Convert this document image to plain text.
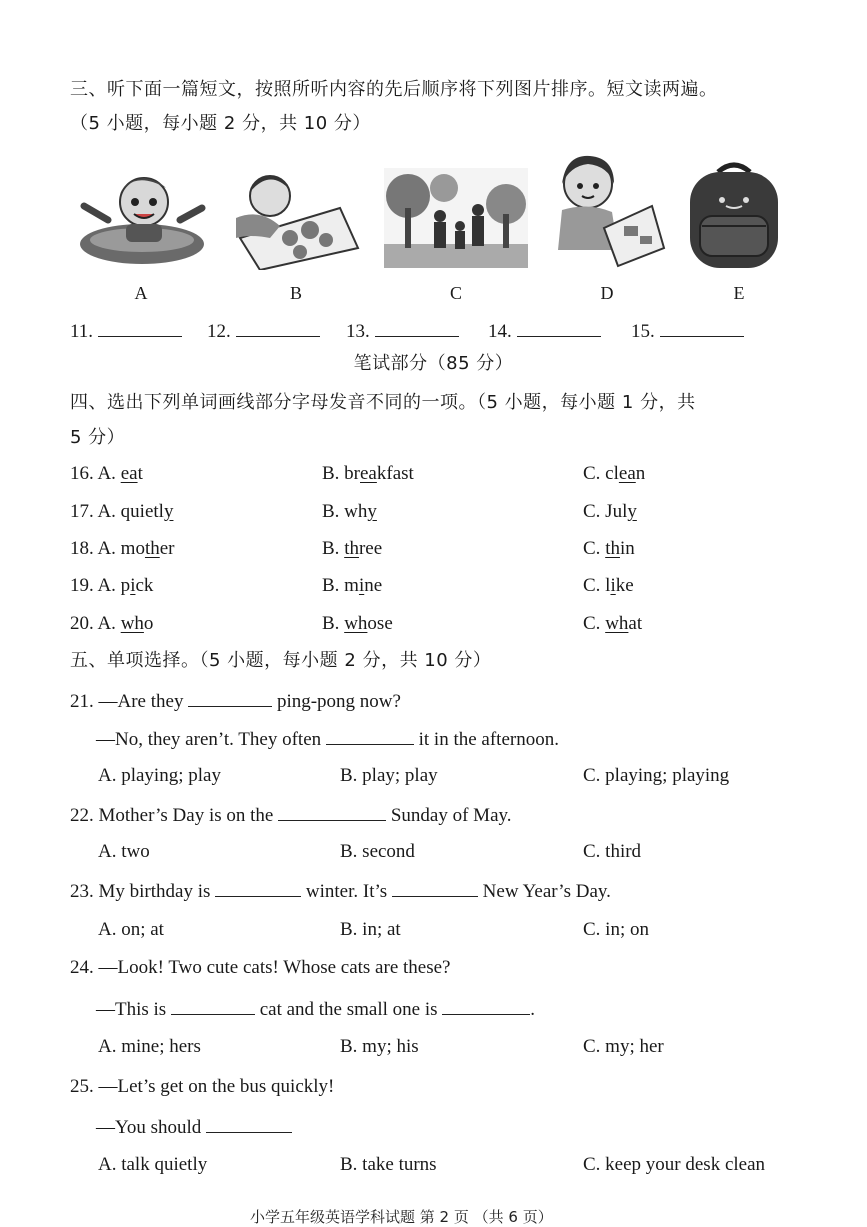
三、听下面一篇短文，按照所听内容的先后顺序将下列图片排序。短文读两遍。
（5 小题，每小题 2 分，共 10 分）
A	B	C	D	E
11.	12.	13.	14.	15.
笔试部分（85 分）
四、选出下列单词画线部分字母发音不同的一项。（5 小题，每小题 1 分，共
5 分）
16. A. eat	B. breakfast	C. clean
17. A. quietly	B. why	C. July
18. A. mother	B. three	C. thin
19. A. pick	B. mine	C. like
20. A. who	B. whose	C. what
五、单项选择。（5 小题，每小题 2 分，共 10 分）
21. —Are they	ping-pong now?
—No, they aren’t. They often	it in the afternoon.
A. playing; play	B. play; play	C. playing; playing
22. Mother’s Day is on the	Sunday of May.
A. two	B. second	C. third
23. My birthday is	winter. It’s	New Year’s Day.
A. on; at	B. in; at	C. in; on
24. —Look! Two cute cats! Whose cats are these?
—This is	cat and the small one is	.
A. mine; hers	B. my; his	C. my; her
25. —Let’s get on the bus quickly!
—You should
A. talk quietly	B. take turns	C. keep your desk clean
小学五年级英语学科试题 第 2 页 （共 6 页）
